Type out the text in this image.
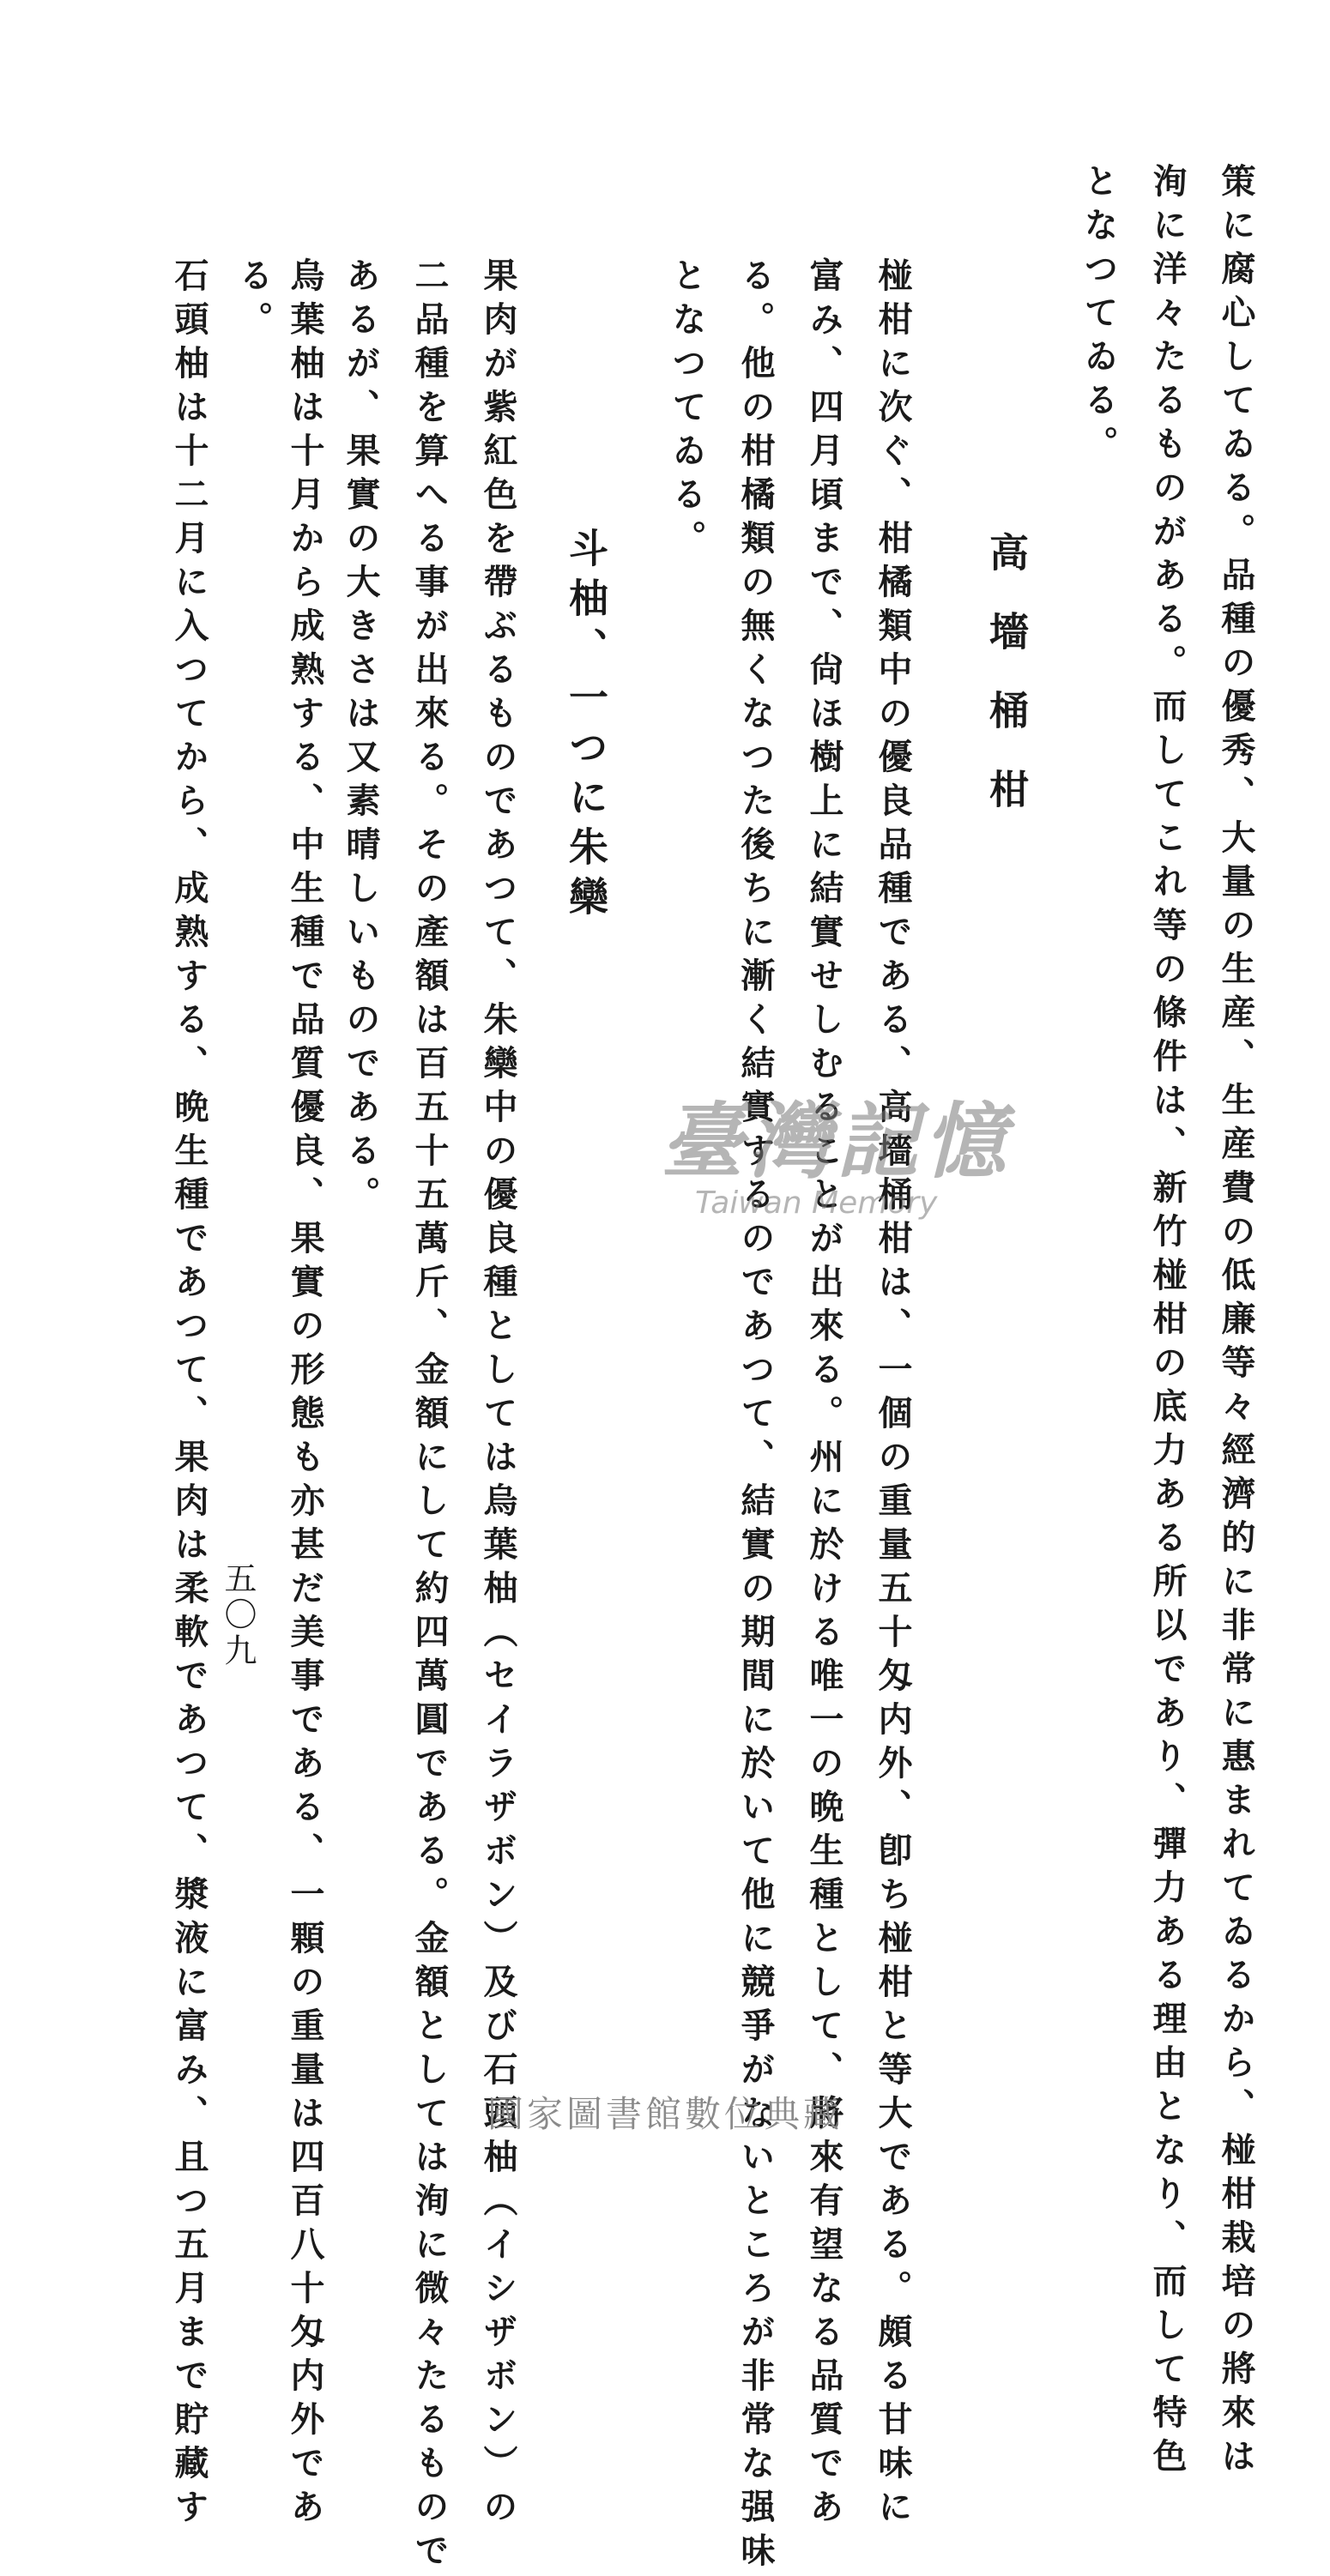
策に腐心してゐる。品種の優秀、大量の生産、生産費の低廉等々經濟的に非常に惠まれてゐるから、椪柑栽培の將來は
洵に洋々たるものがある。而してこれ等の條件は、新竹椪柑の底力ある所以であり、彈力ある理由となり、而して特色
となつてゐる。
高墻桶柑
椪柑に次ぐ、柑橘類中の優良品種である、高墻桶柑は、一個の重量五十匁内外、卽ち椪柑と等大である。頗る甘味に
富み、四月頃まで、尙ほ樹上に結實せしむることが出來る。州に於ける唯一の晩生種として、將來有望なる品質であ
る。他の柑橘類の無くなつた後ちに漸く結實するのであつて、結實の期間に於いて他に競爭がないところが非常な强味
となつてゐる。
斗柚、一つに朱欒
果肉が紫紅色を帶ぶるものであつて、朱欒中の優良種としては烏葉柚（セイラザボン）及び石頭柚（イシザボン）の
二品種を算へる事が出來る。その產額は百五十五萬斤、金額にして約四萬圓である。金額としては洵に微々たるもので
あるが、果實の大きさは又素晴しいものである。
烏葉柚は十月から成熟する、中生種で品質優良、果實の形態も亦甚だ美事である、一顆の重量は四百八十匁内外であ
る。
石頭柚は十二月に入つてから、成熟する、晩生種であつて、果肉は柔軟であつて、漿液に富み、且つ五月まで貯藏す 五〇九
臺灣記憶
Taiwan Memory
國家圖書館數位典藏
